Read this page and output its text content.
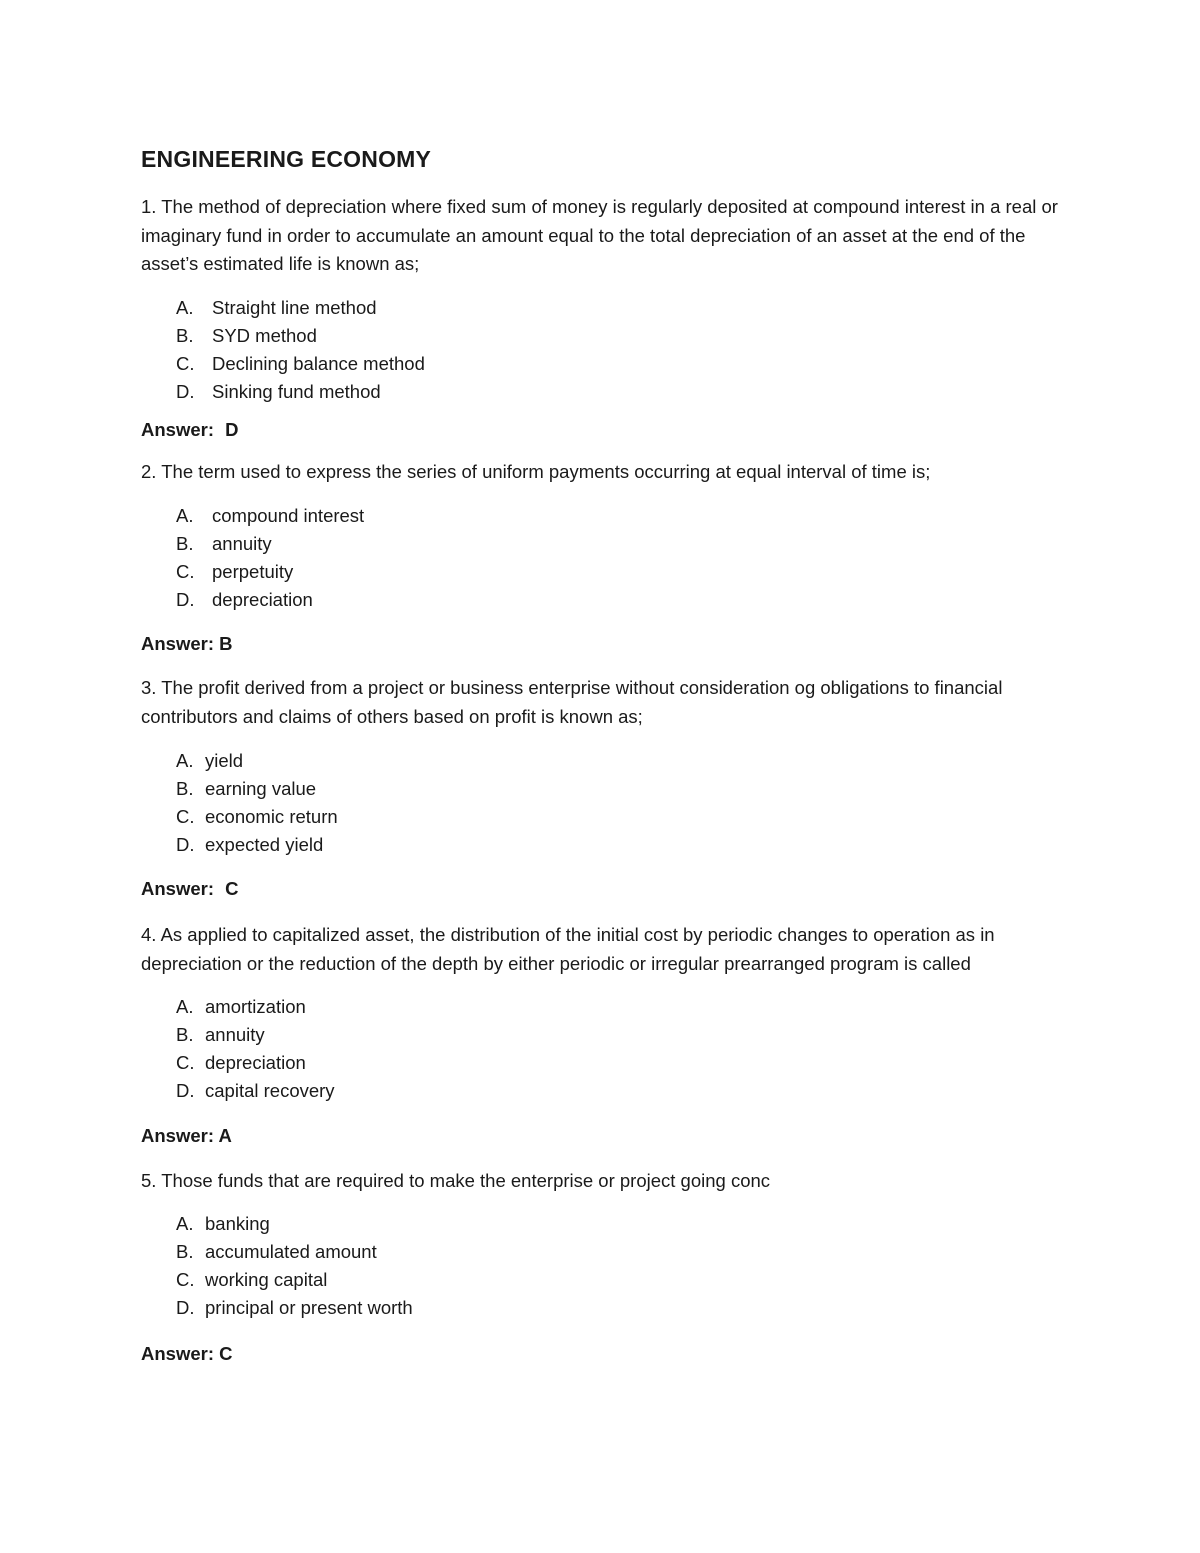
ENGINEERING ECONOMY

1. The method of depreciation where fixed sum of money is regularly deposited at compound interest in a real or imaginary fund in order to accumulate an amount equal to the total depreciation of an asset at the end of the asset’s estimated life is known as;

A. Straight line method
B. SYD method
C. Declining balance method
D. Sinking fund method

Answer: D

2. The term used to express the series of uniform payments occurring at equal interval of time is;

A. compound interest
B. annuity
C. perpetuity
D. depreciation

Answer: B

3. The profit derived from a project or business enterprise without consideration og obligations to financial contributors and claims of others based on profit is known as;

A. yield
B. earning value
C. economic return
D. expected yield

Answer: C

4. As applied to capitalized asset, the distribution of the initial cost by periodic changes to operation as in depreciation or the reduction of the depth by either periodic or irregular prearranged program is called

A. amortization
B. annuity
C. depreciation
D. capital recovery

Answer: A

5. Those funds that are required to make the enterprise or project going conc

A. banking
B. accumulated amount
C. working capital
D. principal or present worth

Answer: C
